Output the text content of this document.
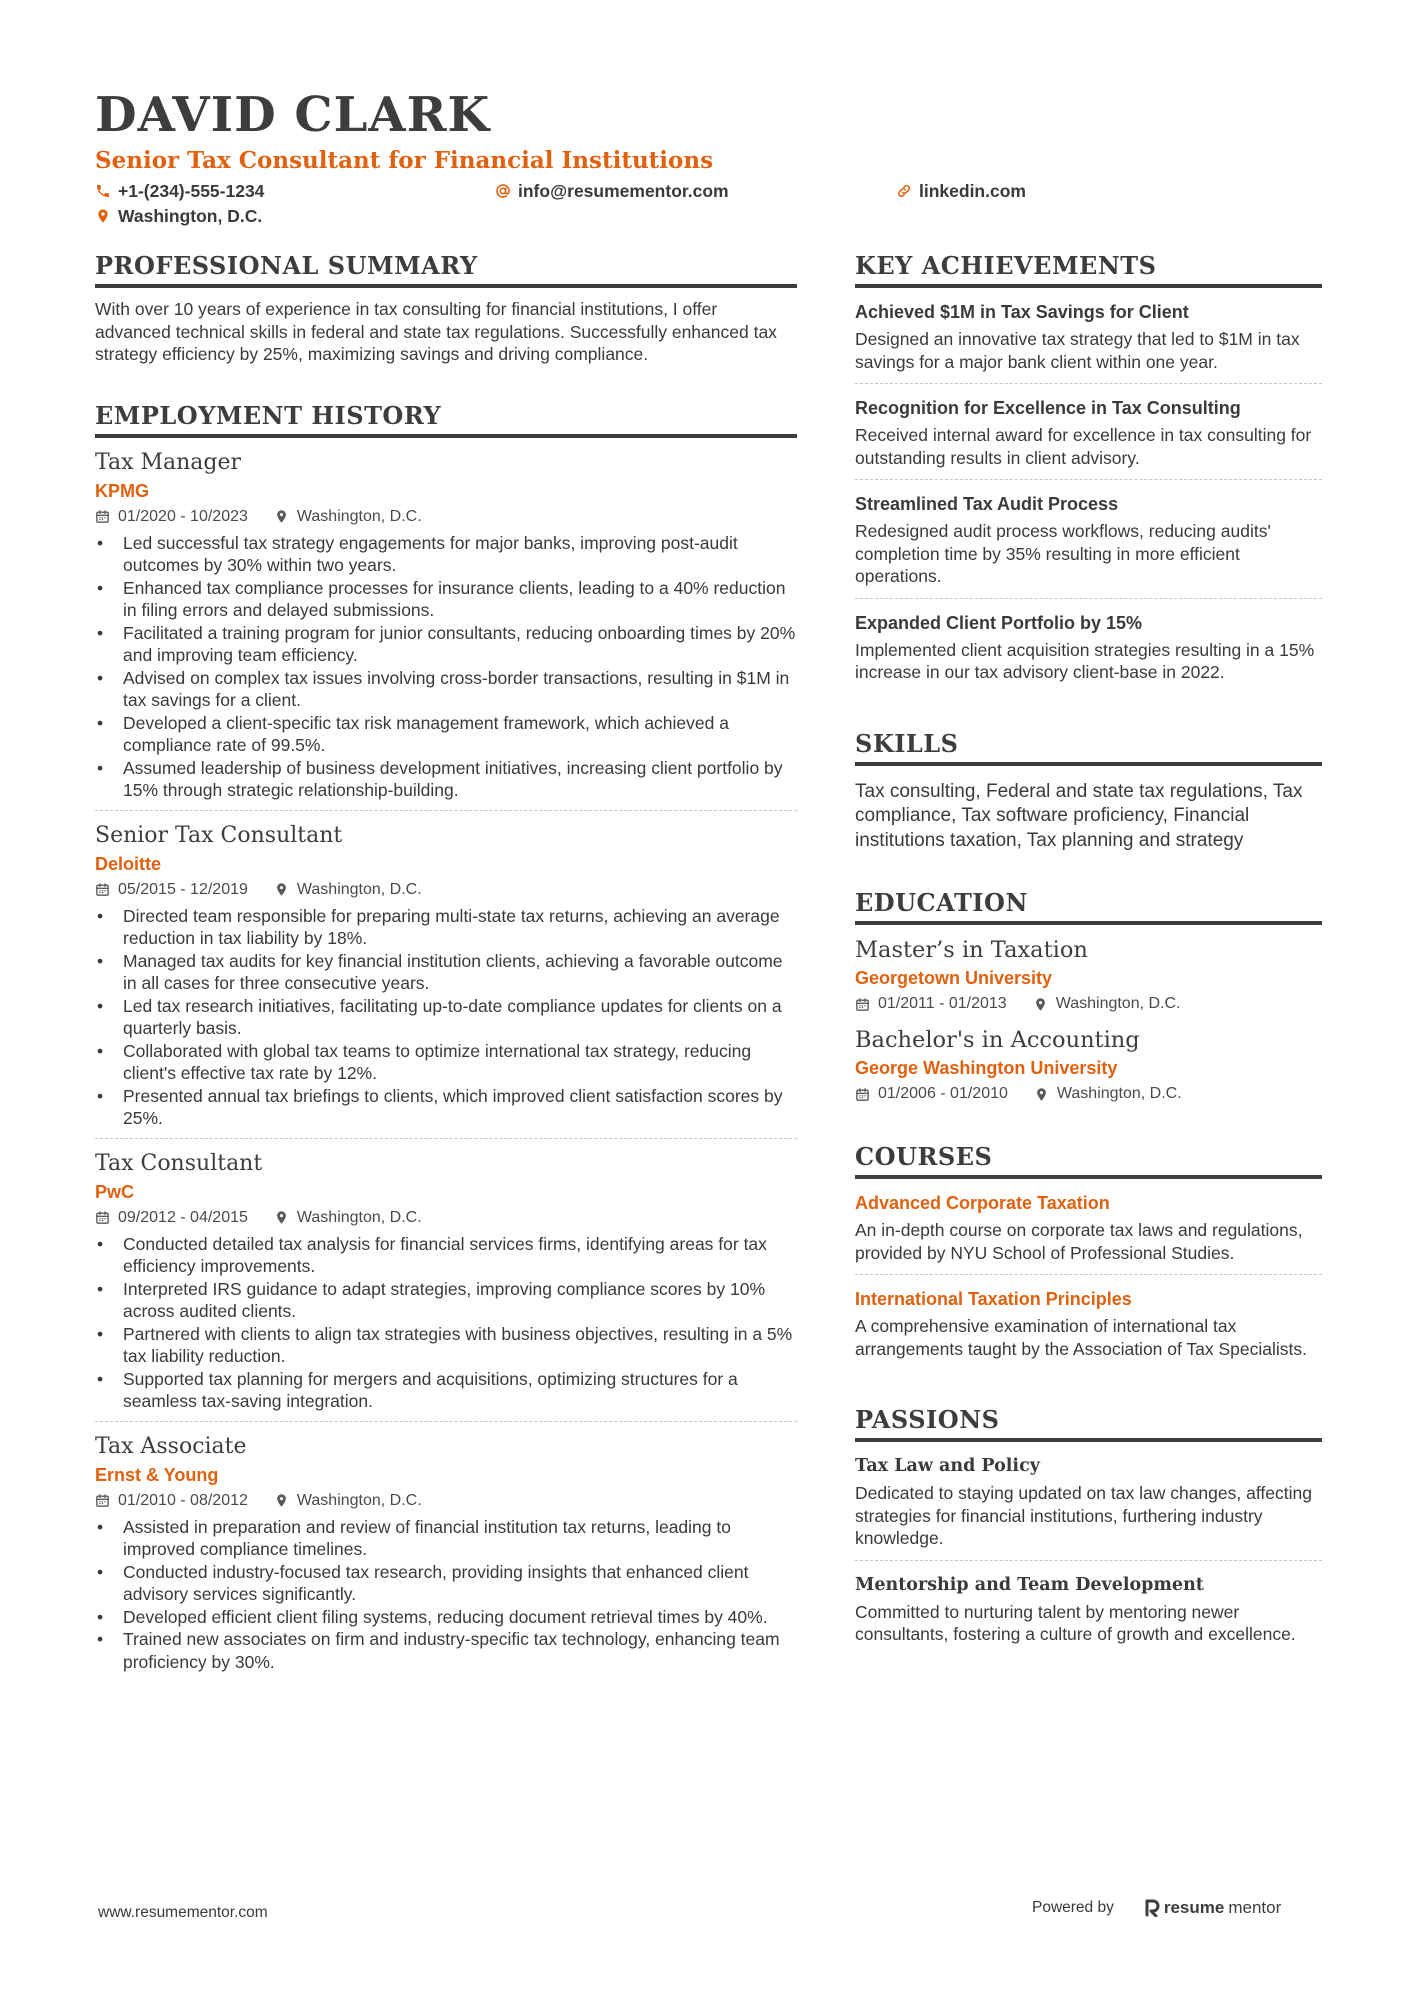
DAVID CLARK
Senior Tax Consultant for Financial Institutions
+1-(234)-555-1234	info@resumementor.com	linkedin.com
Washington, D.C.
PROFESSIONAL SUMMARY
With over 10 years of experience in tax consulting for financial institutions, I offer advanced technical skills in federal and state tax regulations. Successfully enhanced tax strategy efficiency by 25%, maximizing savings and driving compliance.
EMPLOYMENT HISTORY
Tax Manager
KPMG
01/2020 - 10/2023	Washington, D.C.
• Led successful tax strategy engagements for major banks, improving post-audit outcomes by 30% within two years.
• Enhanced tax compliance processes for insurance clients, leading to a 40% reduction in filing errors and delayed submissions.
• Facilitated a training program for junior consultants, reducing onboarding times by 20% and improving team efficiency.
• Advised on complex tax issues involving cross-border transactions, resulting in $1M in tax savings for a client.
• Developed a client-specific tax risk management framework, which achieved a compliance rate of 99.5%.
• Assumed leadership of business development initiatives, increasing client portfolio by 15% through strategic relationship-building.
Senior Tax Consultant
Deloitte
05/2015 - 12/2019	Washington, D.C.
• Directed team responsible for preparing multi-state tax returns, achieving an average reduction in tax liability by 18%.
• Managed tax audits for key financial institution clients, achieving a favorable outcome in all cases for three consecutive years.
• Led tax research initiatives, facilitating up-to-date compliance updates for clients on a quarterly basis.
• Collaborated with global tax teams to optimize international tax strategy, reducing client's effective tax rate by 12%.
• Presented annual tax briefings to clients, which improved client satisfaction scores by 25%.
Tax Consultant
PwC
09/2012 - 04/2015	Washington, D.C.
• Conducted detailed tax analysis for financial services firms, identifying areas for tax efficiency improvements.
• Interpreted IRS guidance to adapt strategies, improving compliance scores by 10% across audited clients.
• Partnered with clients to align tax strategies with business objectives, resulting in a 5% tax liability reduction.
• Supported tax planning for mergers and acquisitions, optimizing structures for a seamless tax-saving integration.
Tax Associate
Ernst & Young
01/2010 - 08/2012	Washington, D.C.
• Assisted in preparation and review of financial institution tax returns, leading to improved compliance timelines.
• Conducted industry-focused tax research, providing insights that enhanced client advisory services significantly.
• Developed efficient client filing systems, reducing document retrieval times by 40%.
• Trained new associates on firm and industry-specific tax technology, enhancing team proficiency by 30%.
KEY ACHIEVEMENTS
Achieved $1M in Tax Savings for Client
Designed an innovative tax strategy that led to $1M in tax savings for a major bank client within one year.
Recognition for Excellence in Tax Consulting
Received internal award for excellence in tax consulting for outstanding results in client advisory.
Streamlined Tax Audit Process
Redesigned audit process workflows, reducing audits' completion time by 35% resulting in more efficient operations.
Expanded Client Portfolio by 15%
Implemented client acquisition strategies resulting in a 15% increase in our tax advisory client-base in 2022.
SKILLS
Tax consulting, Federal and state tax regulations, Tax compliance, Tax software proficiency, Financial institutions taxation, Tax planning and strategy
EDUCATION
Master’s in Taxation
Georgetown University
01/2011 - 01/2013	Washington, D.C.
Bachelor's in Accounting
George Washington University
01/2006 - 01/2010	Washington, D.C.
COURSES
Advanced Corporate Taxation
An in-depth course on corporate tax laws and regulations, provided by NYU School of Professional Studies.
International Taxation Principles
A comprehensive examination of international tax arrangements taught by the Association of Tax Specialists.
PASSIONS
Tax Law and Policy
Dedicated to staying updated on tax law changes, affecting strategies for financial institutions, furthering industry knowledge.
Mentorship and Team Development
Committed to nurturing talent by mentoring newer consultants, fostering a culture of growth and excellence.
www.resumementor.com	Powered by	resume mentor
